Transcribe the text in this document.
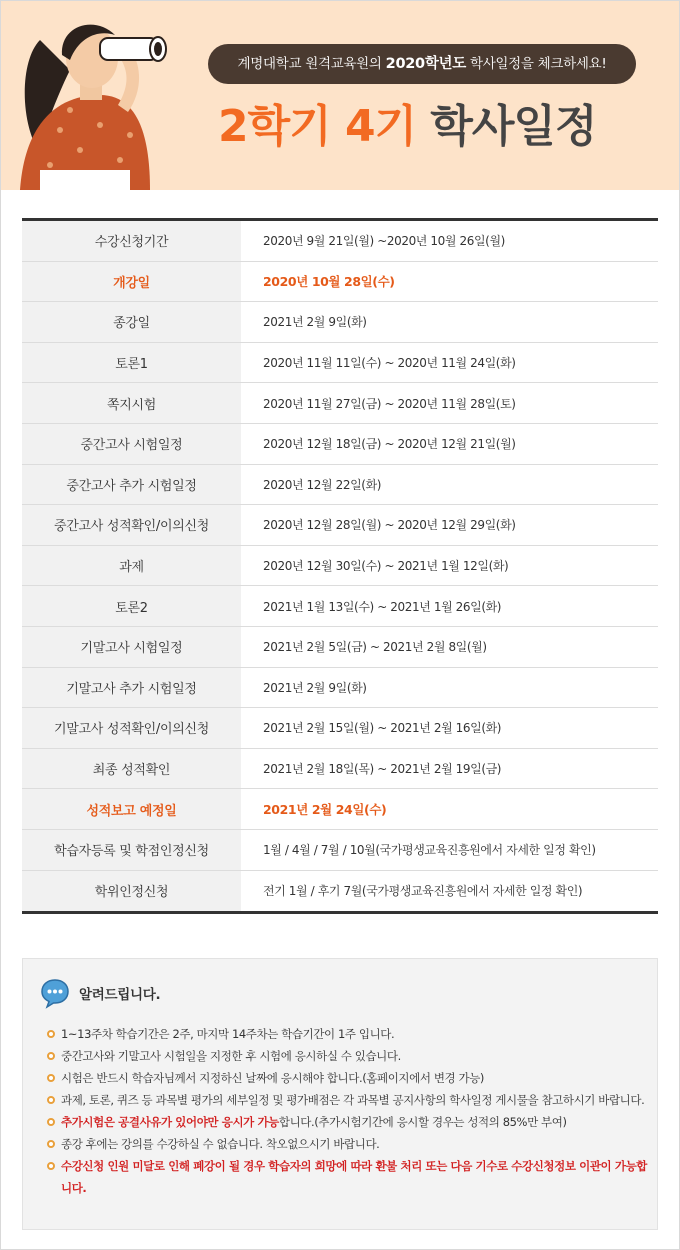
계명대학교 원격교육원의 2020학년도 학사일정을 체크하세요!
2학기 4기 학사일정
수강신청기간	2020년 9월 21일(월) ~2020년 10월 26일(월)
개강일	2020년 10월 28일(수)
종강일	2021년 2월 9일(화)
토론1	2020년 11월 11일(수) ~ 2020년 11월 24일(화)
쪽지시험	2020년 11월 27일(금) ~ 2020년 11월 28일(토)
중간고사 시험일정	2020년 12월 18일(금) ~ 2020년 12월 21일(월)
중간고사 추가 시험일정	2020년 12월 22일(화)
중간고사 성적확인/이의신청	2020년 12월 28일(월) ~ 2020년 12월 29일(화)
과제	2020년 12월 30일(수) ~ 2021년 1월 12일(화)
토론2	2021년 1월 13일(수) ~ 2021년 1월 26일(화)
기말고사 시험일정	2021년 2월 5일(금) ~ 2021년 2월 8일(월)
기말고사 추가 시험일정	2021년 2월 9일(화)
기말고사 성적확인/이의신청	2021년 2월 15일(월) ~ 2021년 2월 16일(화)
최종 성적확인	2021년 2월 18일(목) ~ 2021년 2월 19일(금)
성적보고 예정일	2021년 2월 24일(수)
학습자등록 및 학점인정신청	1월 / 4월 / 7월 / 10월(국가평생교육진흥원에서 자세한 일정 확인)
학위인정신청	전기 1월 / 후기 7월(국가평생교육진흥원에서 자세한 일정 확인)
알려드립니다.
1~13주차 학습기간은 2주, 마지막 14주차는 학습기간이 1주 입니다.
중간고사와 기말고사 시험일을 지정한 후 시험에 응시하실 수 있습니다.
시험은 반드시 학습자님께서 지정하신 날짜에 응시해야 합니다.(홈페이지에서 변경 가능)
과제, 토론, 퀴즈 등 과목별 평가의 세부일정 및 평가배점은 각 과목별 공지사항의 학사일정 게시물을 참고하시기 바랍니다.
추가시험은 공결사유가 있어야만 응시가 가능합니다.(추가시험기간에 응시할 경우는 성적의 85%만 부여)
종강 후에는 강의를 수강하실 수 없습니다. 착오없으시기 바랍니다.
수강신청 인원 미달로 인해 폐강이 될 경우 학습자의 희망에 따라 환불 처리 또는 다음 기수로 수강신청정보 이관이 가능합니다.
